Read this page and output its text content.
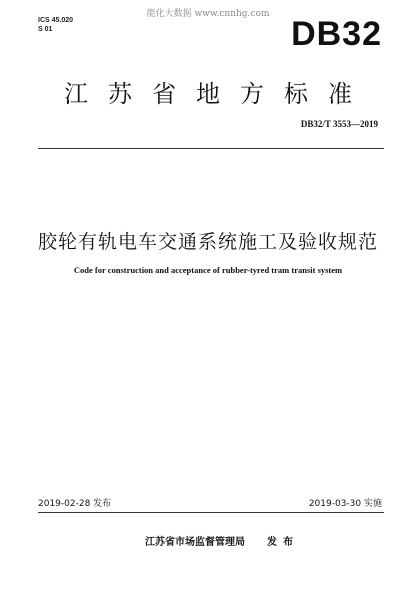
能化大数据 www.cnnhg.com
ICS 45.020
S 01	DB32
江苏省地方标准
DB32/T 3553—2019
胶轮有轨电车交通系统施工及验收规范
Code for construction and acceptance of rubber-tyred tram transit system
2019-02-28 发布	2019-03-30 实施
江苏省市场监督管理局 发布
